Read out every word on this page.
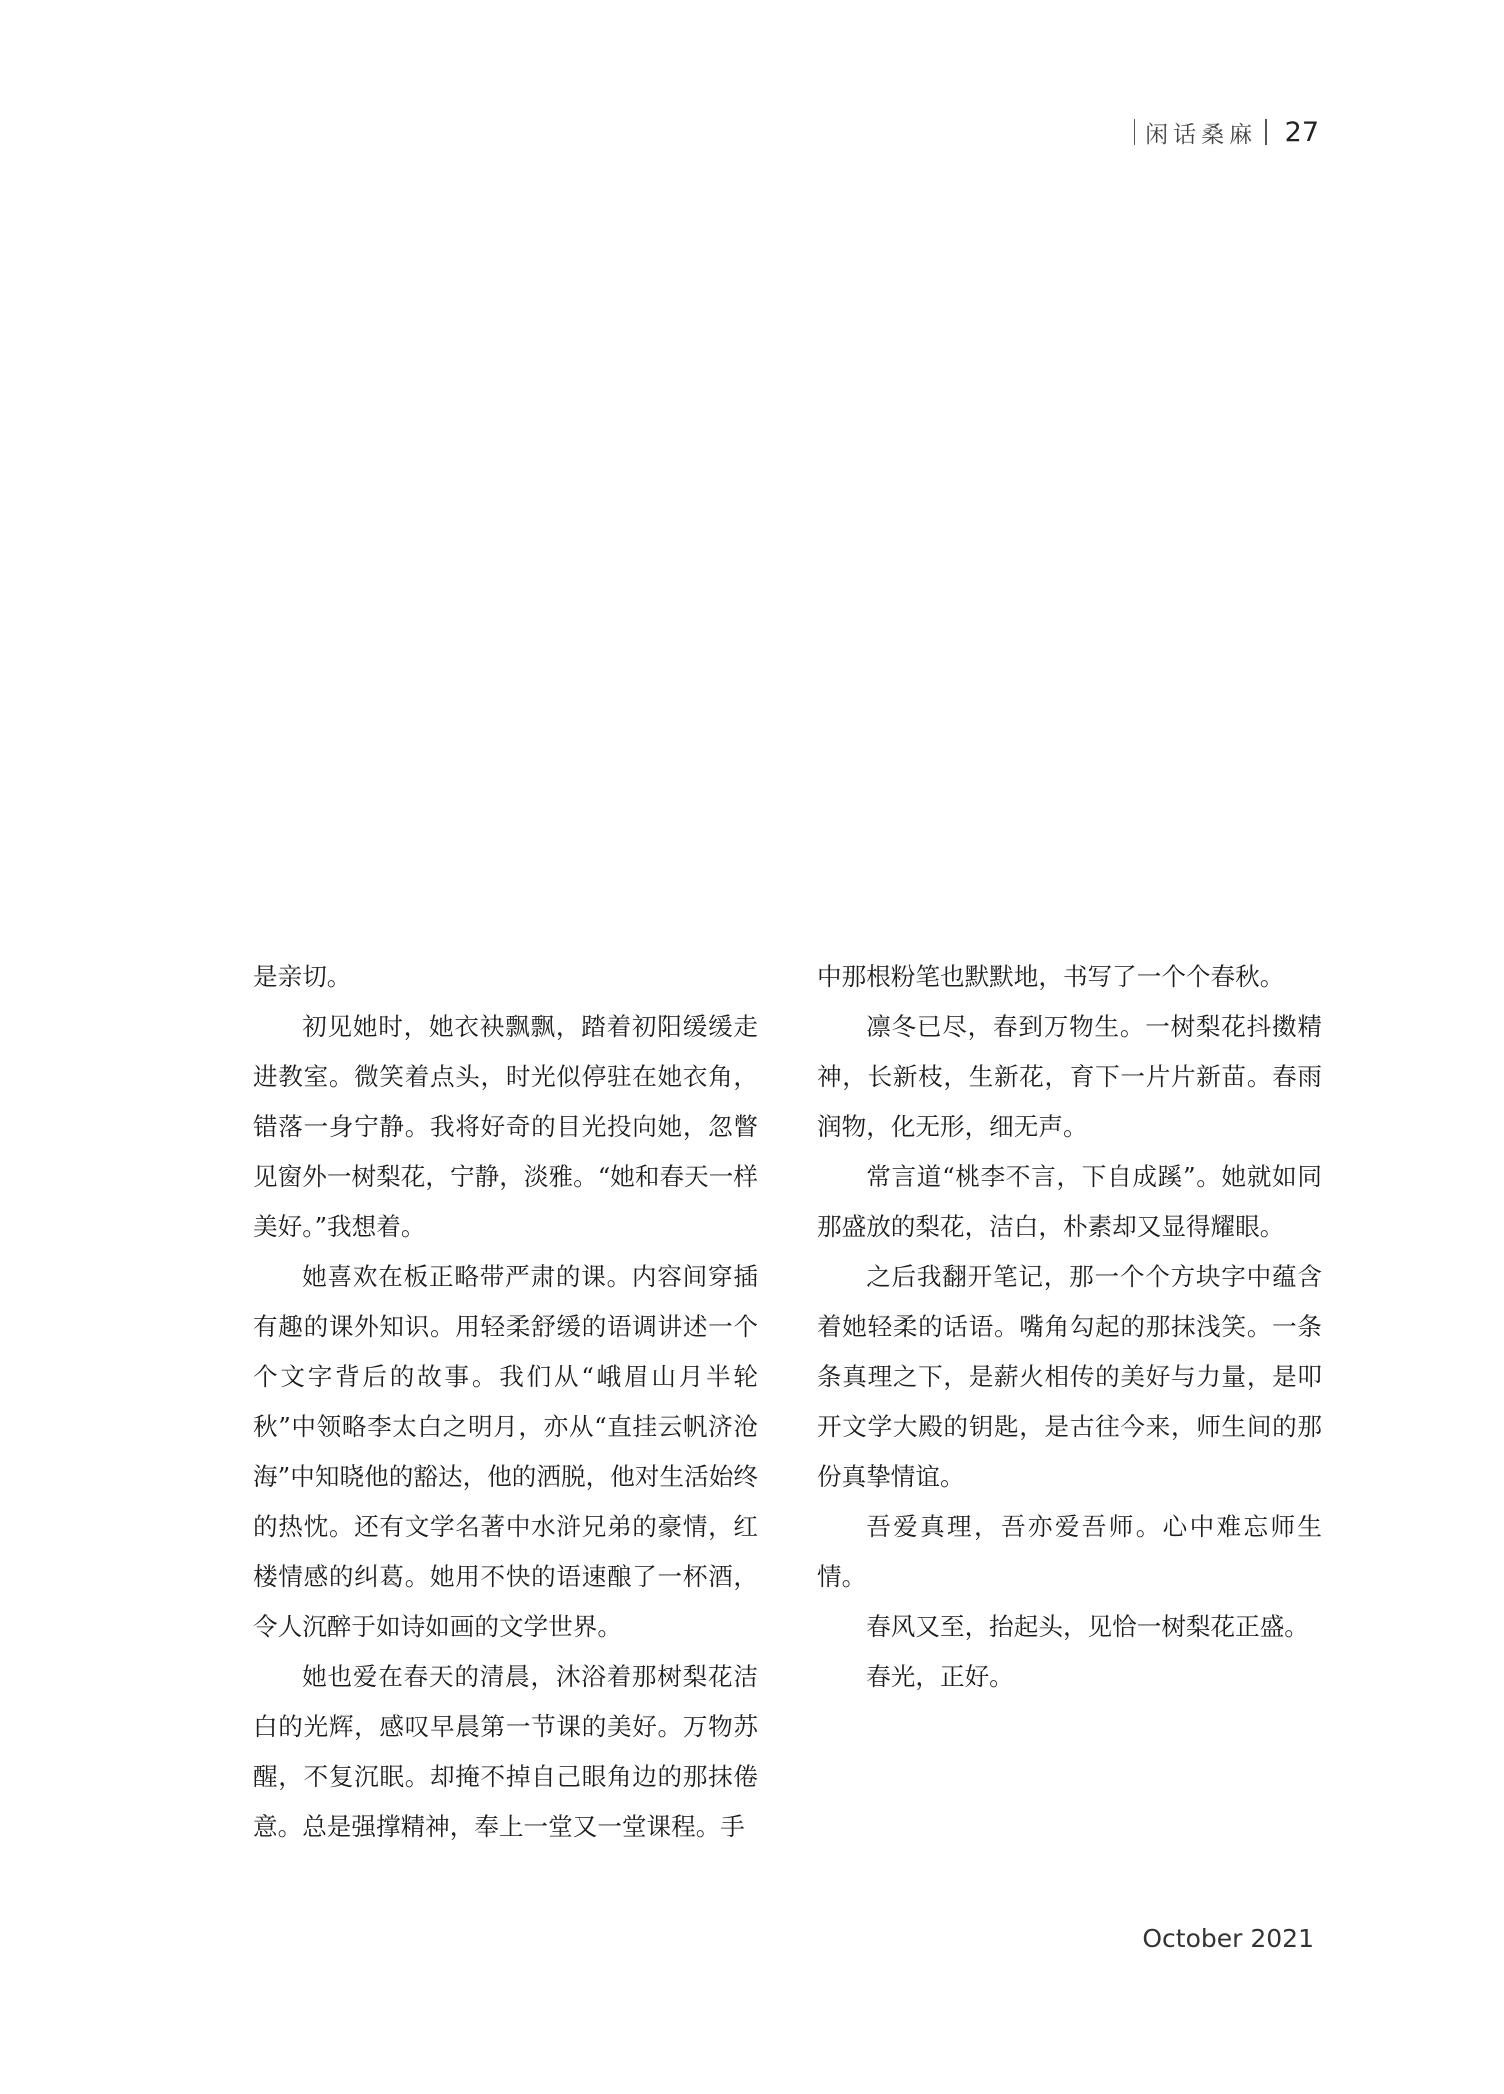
闲话桑麻 27

是亲切。

初见她时，她衣袂飘飘，踏着初阳缓缓走进教室。微笑着点头，时光似停驻在她衣角，错落一身宁静。我将好奇的目光投向她，忽瞥见窗外一树梨花，宁静，淡雅。“她和春天一样美好。”我想着。

她喜欢在板正略带严肃的课。内容间穿插有趣的课外知识。用轻柔舒缓的语调讲述一个个文字背后的故事。我们从“峨眉山月半轮秋”中领略李太白之明月，亦从“直挂云帆济沧海”中知晓他的豁达，他的洒脱，他对生活始终的热忱。还有文学名著中水浒兄弟的豪情，红楼情感的纠葛。她用不快的语速酿了一杯酒，令人沉醉于如诗如画的文学世界。

她也爱在春天的清晨，沐浴着那树梨花洁白的光辉，感叹早晨第一节课的美好。万物苏醒，不复沉眠。却掩不掉自己眼角边的那抹倦意。总是强撑精神，奉上一堂又一堂课程。手

中那根粉笔也默默地，书写了一个个春秋。

凛冬已尽，春到万物生。一树梨花抖擞精神，长新枝，生新花，育下一片片新苗。春雨润物，化无形，细无声。

常言道“桃李不言，下自成蹊”。她就如同那盛放的梨花，洁白，朴素却又显得耀眼。

之后我翻开笔记，那一个个方块字中蕴含着她轻柔的话语。嘴角勾起的那抹浅笑。一条条真理之下，是薪火相传的美好与力量，是叩开文学大殿的钥匙，是古往今来，师生间的那份真挚情谊。

吾爱真理，吾亦爱吾师。心中难忘师生情。

春风又至，抬起头，见恰一树梨花正盛。

春光，正好。

October 2021
